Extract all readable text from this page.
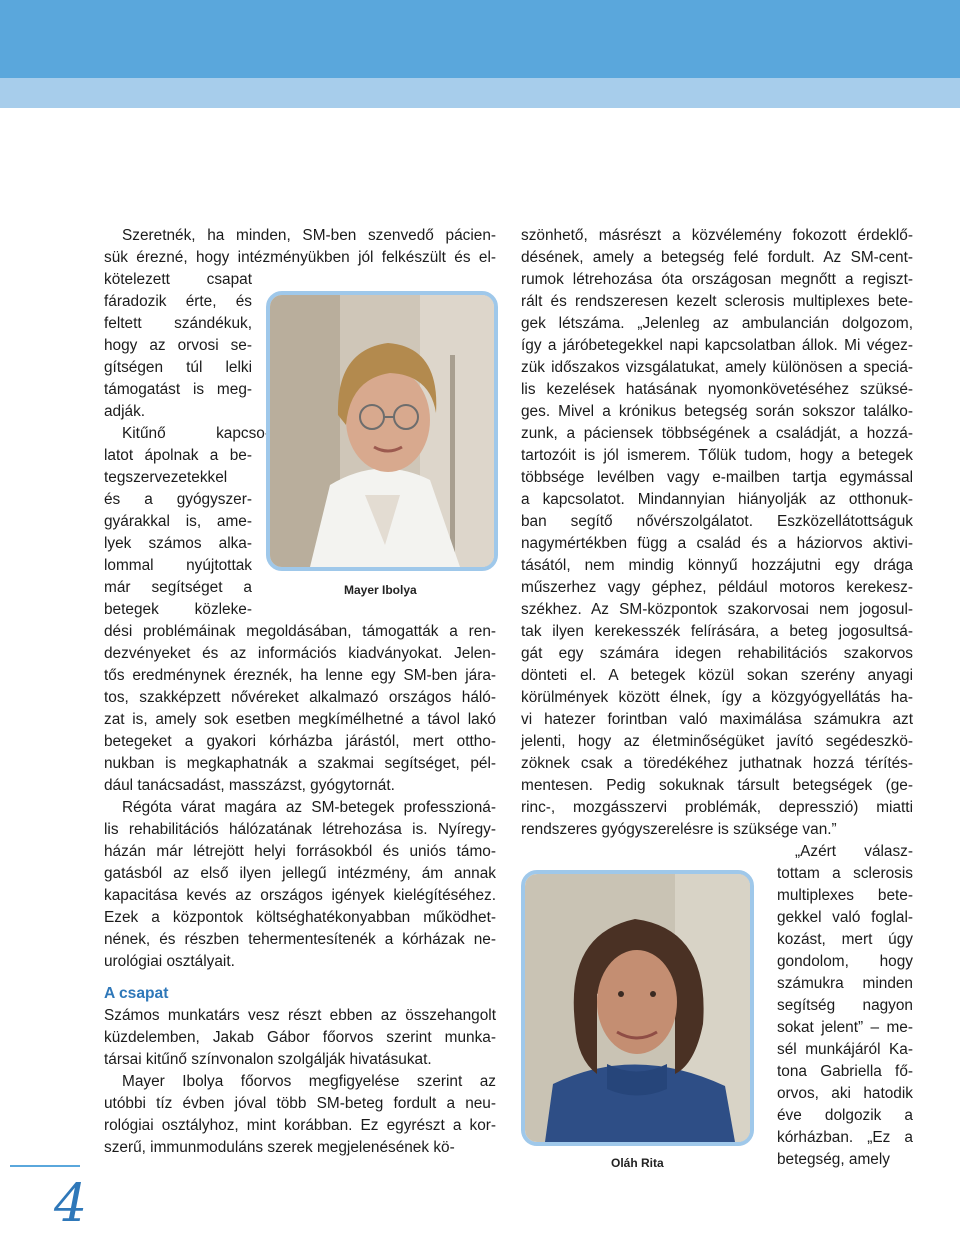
Szeretnék, ha minden, SM-ben szenvedő pácien-
sük érezné, hogy intézményükben jól felkészült és el-
kötelezett csapat
fáradozik érte, és
feltett szándékuk,
hogy az orvosi se-
gítségen túl lelki
támogatást is meg-
adják.
Kitűnő kapcso-
latot ápolnak a be-
tegszervezetekkel
és a gyógyszer-
gyárakkal is, ame-
lyek számos alka-
lommal nyújtottak
már segítséget a
betegek közleke-
dési problémáinak megoldásában, támogatták a ren-
dezvényeket és az információs kiadványokat. Jelen-
tős eredménynek éreznék, ha lenne egy SM-ben jára-
tos, szakképzett nővéreket alkalmazó országos háló-
zat is, amely sok esetben megkímélhetné a távol lakó
betegeket a gyakori kórházba járástól, mert ottho-
nukban is megkaphatnák a szakmai segítséget, pél-
dául tanácsadást, masszázst, gyógytornát.
Régóta várat magára az SM-betegek professzioná-
lis rehabilitációs hálózatának létrehozása is. Nyíregy-
házán már létrejött helyi forrásokból és uniós támo-
gatásból az első ilyen jellegű intézmény, ám annak
kapacitása kevés az országos igények kielégítéséhez.
Ezek a központok költséghatékonyabban működhet-
nének, és részben tehermentesítenék a kórházak ne-
urológiai osztályait.
A csapat
Számos munkatárs vesz részt ebben az összehangolt
küzdelemben, Jakab Gábor főorvos szerint munka-
társai kitűnő színvonalon szolgálják hivatásukat.
Mayer Ibolya főorvos megfigyelése szerint az
utóbbi tíz évben jóval több SM-beteg fordult a neu-
rológiai osztályhoz, mint korábban. Ez egyrészt a kor-
szerű, immunmoduláns szerek megjelenésének kö-
szönhető, másrészt a közvélemény fokozott érdeklő-
désének, amely a betegség felé fordult. Az SM-cent-
rumok létrehozása óta országosan megnőtt a regiszt-
rált és rendszeresen kezelt sclerosis multiplexes bete-
gek létszáma. „Jelenleg az ambulancián dolgozom,
így a járóbetegekkel napi kapcsolatban állok. Mi végez-
zük időszakos vizsgálatukat, amely különösen a speciá-
lis kezelések hatásának nyomonkövetéséhez szüksé-
ges. Mivel a krónikus betegség során sokszor találko-
zunk, a páciensek többségének a családját, a hozzá-
tartozóit is jól ismerem. Tőlük tudom, hogy a betegek
többsége levélben vagy e-mailben tartja egymással
a kapcsolatot. Mindannyian hiányolják az otthonuk-
ban segítő nővérszolgálatot. Eszközellátottságuk
nagymértékben függ a család és a háziorvos aktivi-
tásától, nem mindig könnyű hozzájutni egy drága
műszerhez vagy géphez, például motoros kerekesz-
székhez. Az SM-központok szakorvosai nem jogosul-
tak ilyen kerekesszék felírására, a beteg jogosultsá-
gát egy számára idegen rehabilitációs szakorvos
dönteti el. A betegek közül sokan szerény anyagi
körülmények között élnek, így a közgyógyellátás ha-
vi hatezer forintban való maximálása számukra azt
jelenti, hogy az életminőségüket javító segédeszkö-
zöknek csak a töredékéhez juthatnak hozzá térítés-
mentesen. Pedig sokuknak társult betegségek (ge-
rinc-, mozgásszervi problémák, depresszió) miatti
rendszeres gyógyszerelésre is szüksége van.”
„Azért válasz-
tottam a sclerosis
multiplexes bete-
gekkel való foglal-
kozást, mert úgy
gondolom, hogy
számukra minden
segítség nagyon
sokat jelent” – me-
sél munkájáról Ka-
tona Gabriella fő-
orvos, aki hatodik
éve dolgozik a
kórházban. „Ez a
betegség, amely
Mayer Ibolya
Oláh Rita
4
